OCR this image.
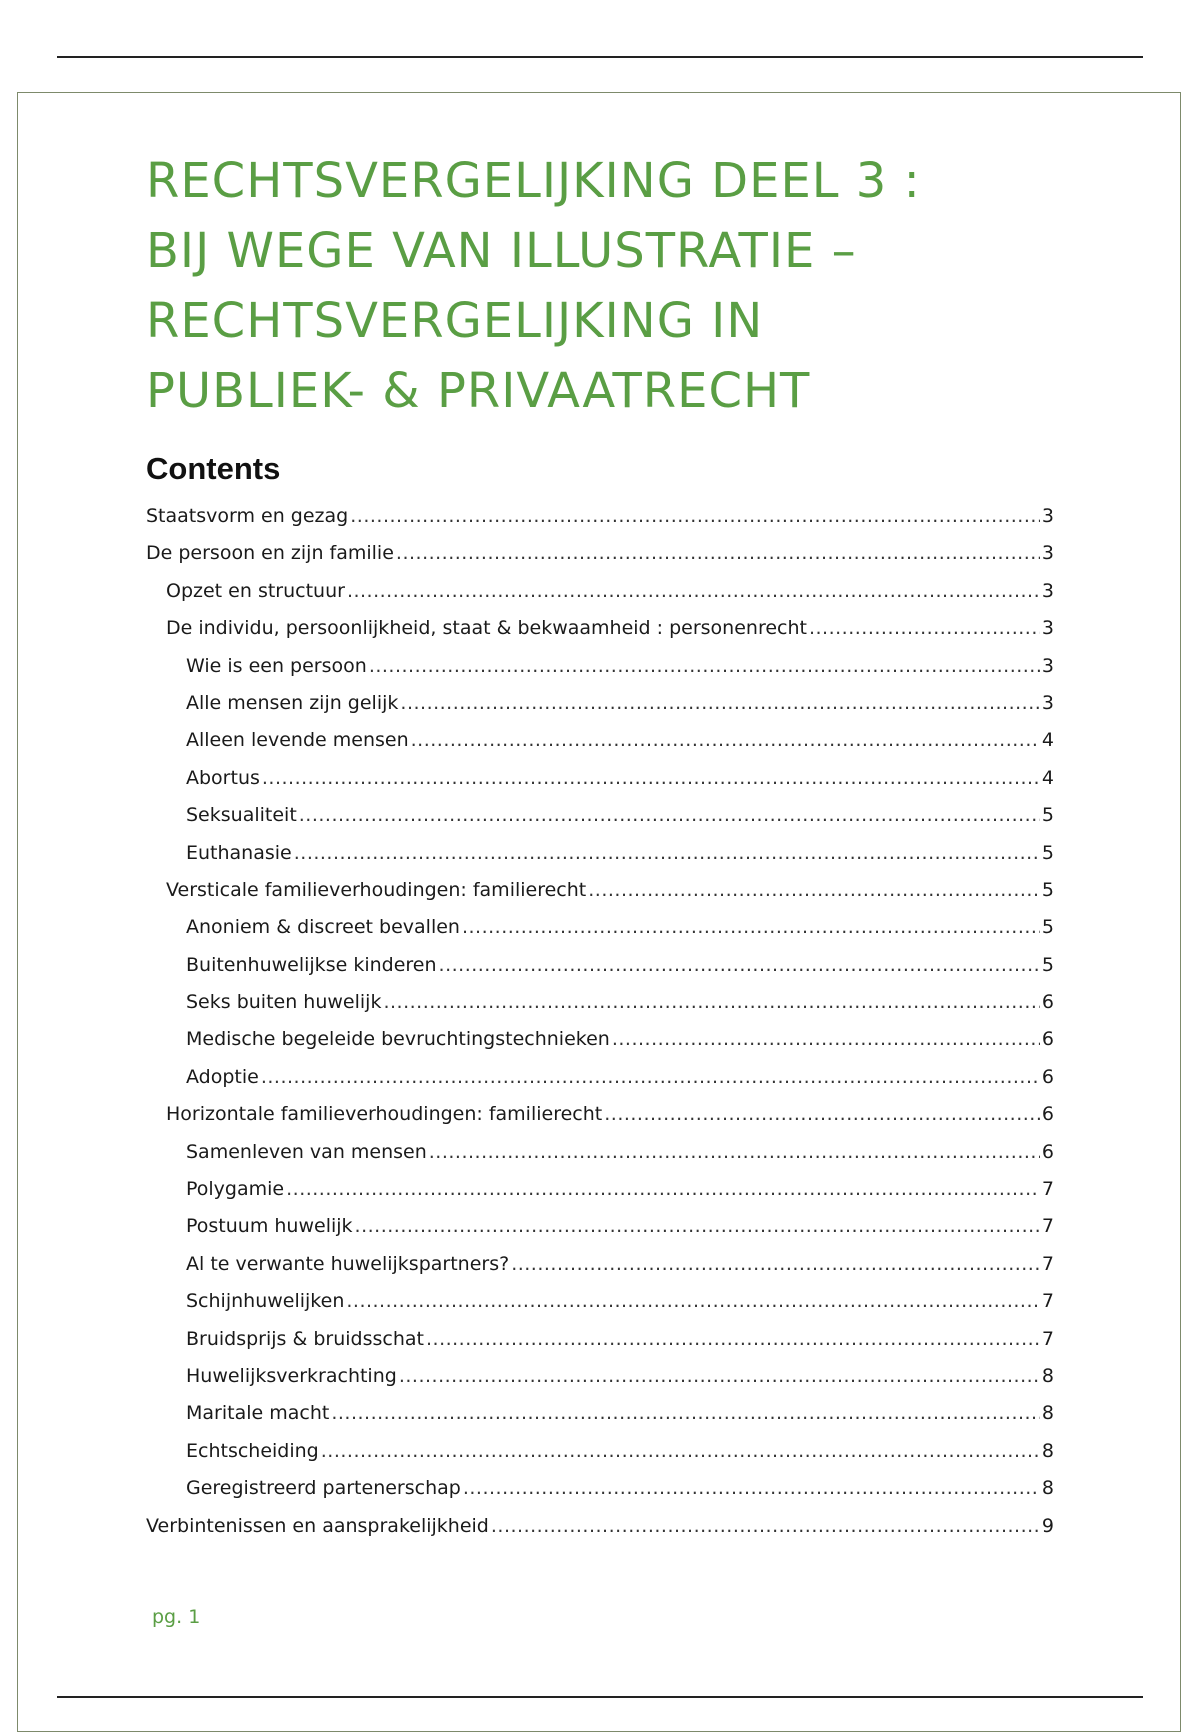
RECHTSVERGELIJKING DEEL 3 :
BIJ WEGE VAN ILLUSTRATIE –
RECHTSVERGELIJKING IN
PUBLIEK- & PRIVAATRECHT
Contents
Staatsvorm en gezag .....	3
De persoon en zijn familie .....	3
Opzet en structuur .....	3
De individu, persoonlijkheid, staat & bekwaamheid : personenrecht .....	3
Wie is een persoon .....	3
Alle mensen zijn gelijk .....	3
Alleen levende mensen .....	4
Abortus .....	4
Seksualiteit .....	5
Euthanasie .....	5
Versticale familieverhoudingen: familierecht .....	5
Anoniem & discreet bevallen .....	5
Buitenhuwelijkse kinderen .....	5
Seks buiten huwelijk .....	6
Medische begeleide bevruchtingstechnieken .....	6
Adoptie .....	6
Horizontale familieverhoudingen: familierecht .....	6
Samenleven van mensen .....	6
Polygamie .....	7
Postuum huwelijk .....	7
Al te verwante huwelijkspartners? .....	7
Schijnhuwelijken .....	7
Bruidsprijs & bruidsschat .....	7
Huwelijksverkrachting .....	8
Maritale macht .....	8
Echtscheiding .....	8
Geregistreerd partenerschap .....	8
Verbintenissen en aansprakelijkheid .....	9
pg. 1
